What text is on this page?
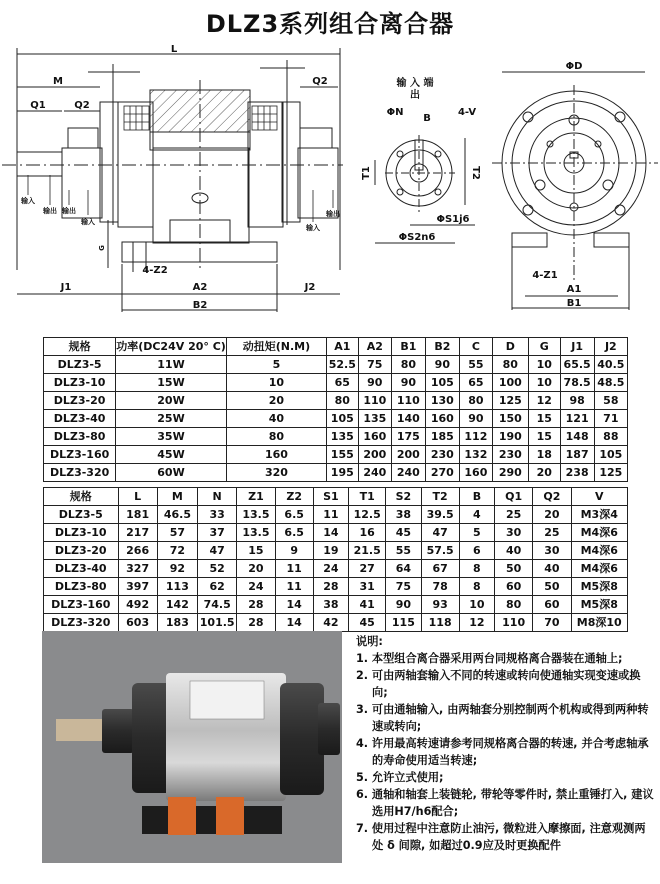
DLZ3系列组合离合器
L
M
Q1	Q2
Q2
G
4-Z2
输入
输出 输出
输入
输入
输出
J1	A2	J2
B2
输 入 端
出
ΦN
B
4-V
T1	T2
ΦS1j6
ΦS2n6
ΦD
4-Z1
A1
B1
规格	功率(DC24V 20° C)	动扭矩(N.M)	A1	A2	B1	B2	C	D	G	J1	J2
DLZ3-5	11W	5	52.5	75	80	90	55	80	10	65.5	40.5
DLZ3-10	15W	10	65	90	90	105	65	100	10	78.5	48.5
DLZ3-20	20W	20	80	110	110	130	80	125	12	98	58
DLZ3-40	25W	40	105	135	140	160	90	150	15	121	71
DLZ3-80	35W	80	135	160	175	185	112	190	15	148	88
DLZ3-160	45W	160	155	200	200	230	132	230	18	187	105
DLZ3-320	60W	320	195	240	240	270	160	290	20	238	125
规格	L	M	N	Z1	Z2	S1	T1	S2	T2	B	Q1	Q2	V
DLZ3-5	181	46.5	33	13.5	6.5	11	12.5	38	39.5	4	25	20	M3深4
DLZ3-10	217	57	37	13.5	6.5	14	16	45	47	5	30	25	M4深6
DLZ3-20	266	72	47	15	9	19	21.5	55	57.5	6	40	30	M4深6
DLZ3-40	327	92	52	20	11	24	27	64	67	8	50	40	M4深6
DLZ3-80	397	113	62	24	11	28	31	75	78	8	60	50	M5深8
DLZ3-160	492	142	74.5	28	14	38	41	90	93	10	80	60	M5深8
DLZ3-320	603	183	101.5	28	14	42	45	115	118	12	110	70	M8深10
说明:
1. 本型组合离合器采用两台同规格离合器装在通轴上;
2. 可由两轴套输入不同的转速或转向使通轴实现变速或换向;
3. 可由通轴输入, 由两轴套分别控制两个机构或得到两种转速或转向;
4. 许用最高转速请参考同规格离合器的转速, 并合考虑轴承的寿命使用适当转速;
5. 允许立式使用;
6. 通轴和轴套上装链轮, 带轮等零件时, 禁止重锤打入, 建议选用H7/h6配合;
7. 使用过程中注意防止油污, 微粒进入摩擦面, 注意观测两处 δ 间隙, 如超过0.9应及时更换配件
